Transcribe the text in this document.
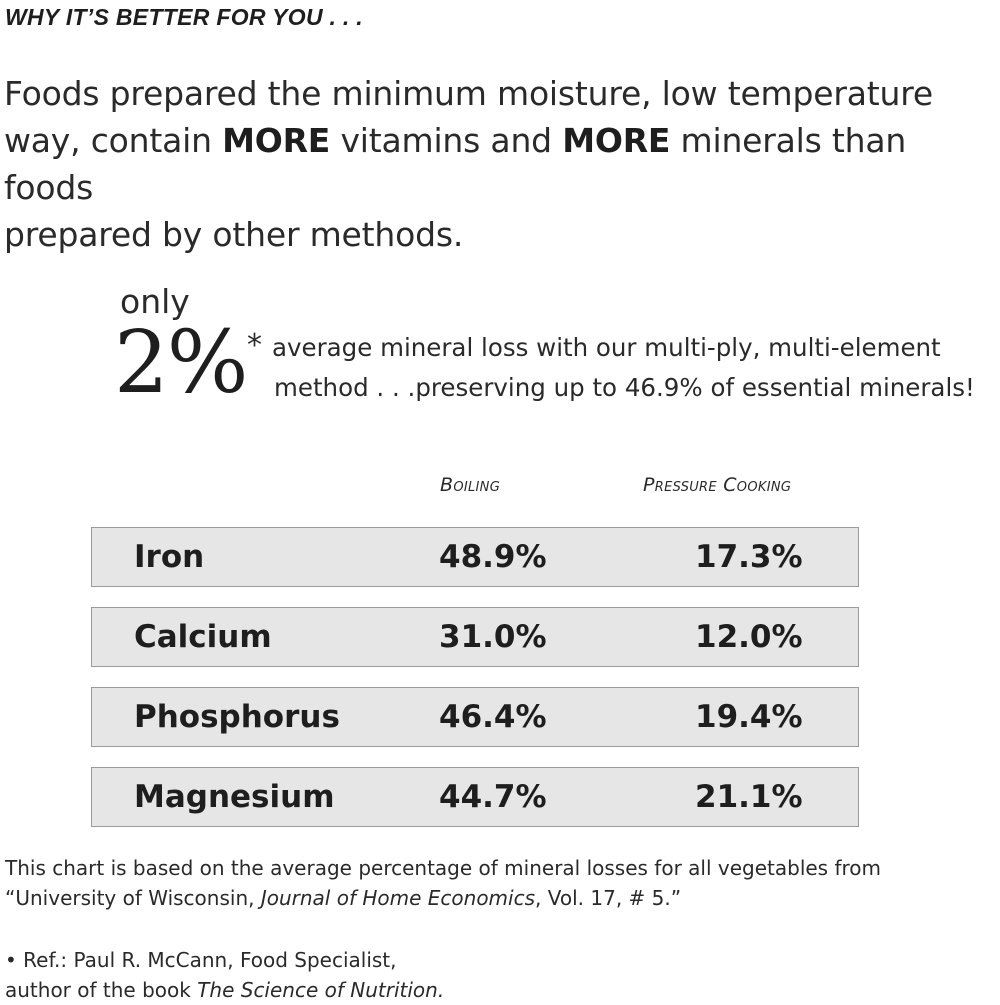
WHY IT’S BETTER FOR YOU . . .
Foods prepared the minimum moisture, low temperature
way, contain MORE vitamins and MORE minerals than foods
prepared by other methods.
only
2% * average mineral loss with our multi-ply, multi-element
method . . .preserving up to 46.9% of essential minerals!
Boiling	Pressure Cooking
Iron	48.9%	17.3%
Calcium	31.0%	12.0%
Phosphorus	46.4%	19.4%
Magnesium	44.7%	21.1%
This chart is based on the average percentage of mineral losses for all vegetables from
“University of Wisconsin, Journal of Home Economics, Vol. 17, # 5.”
• Ref.: Paul R. McCann, Food Specialist,
author of the book The Science of Nutrition.
